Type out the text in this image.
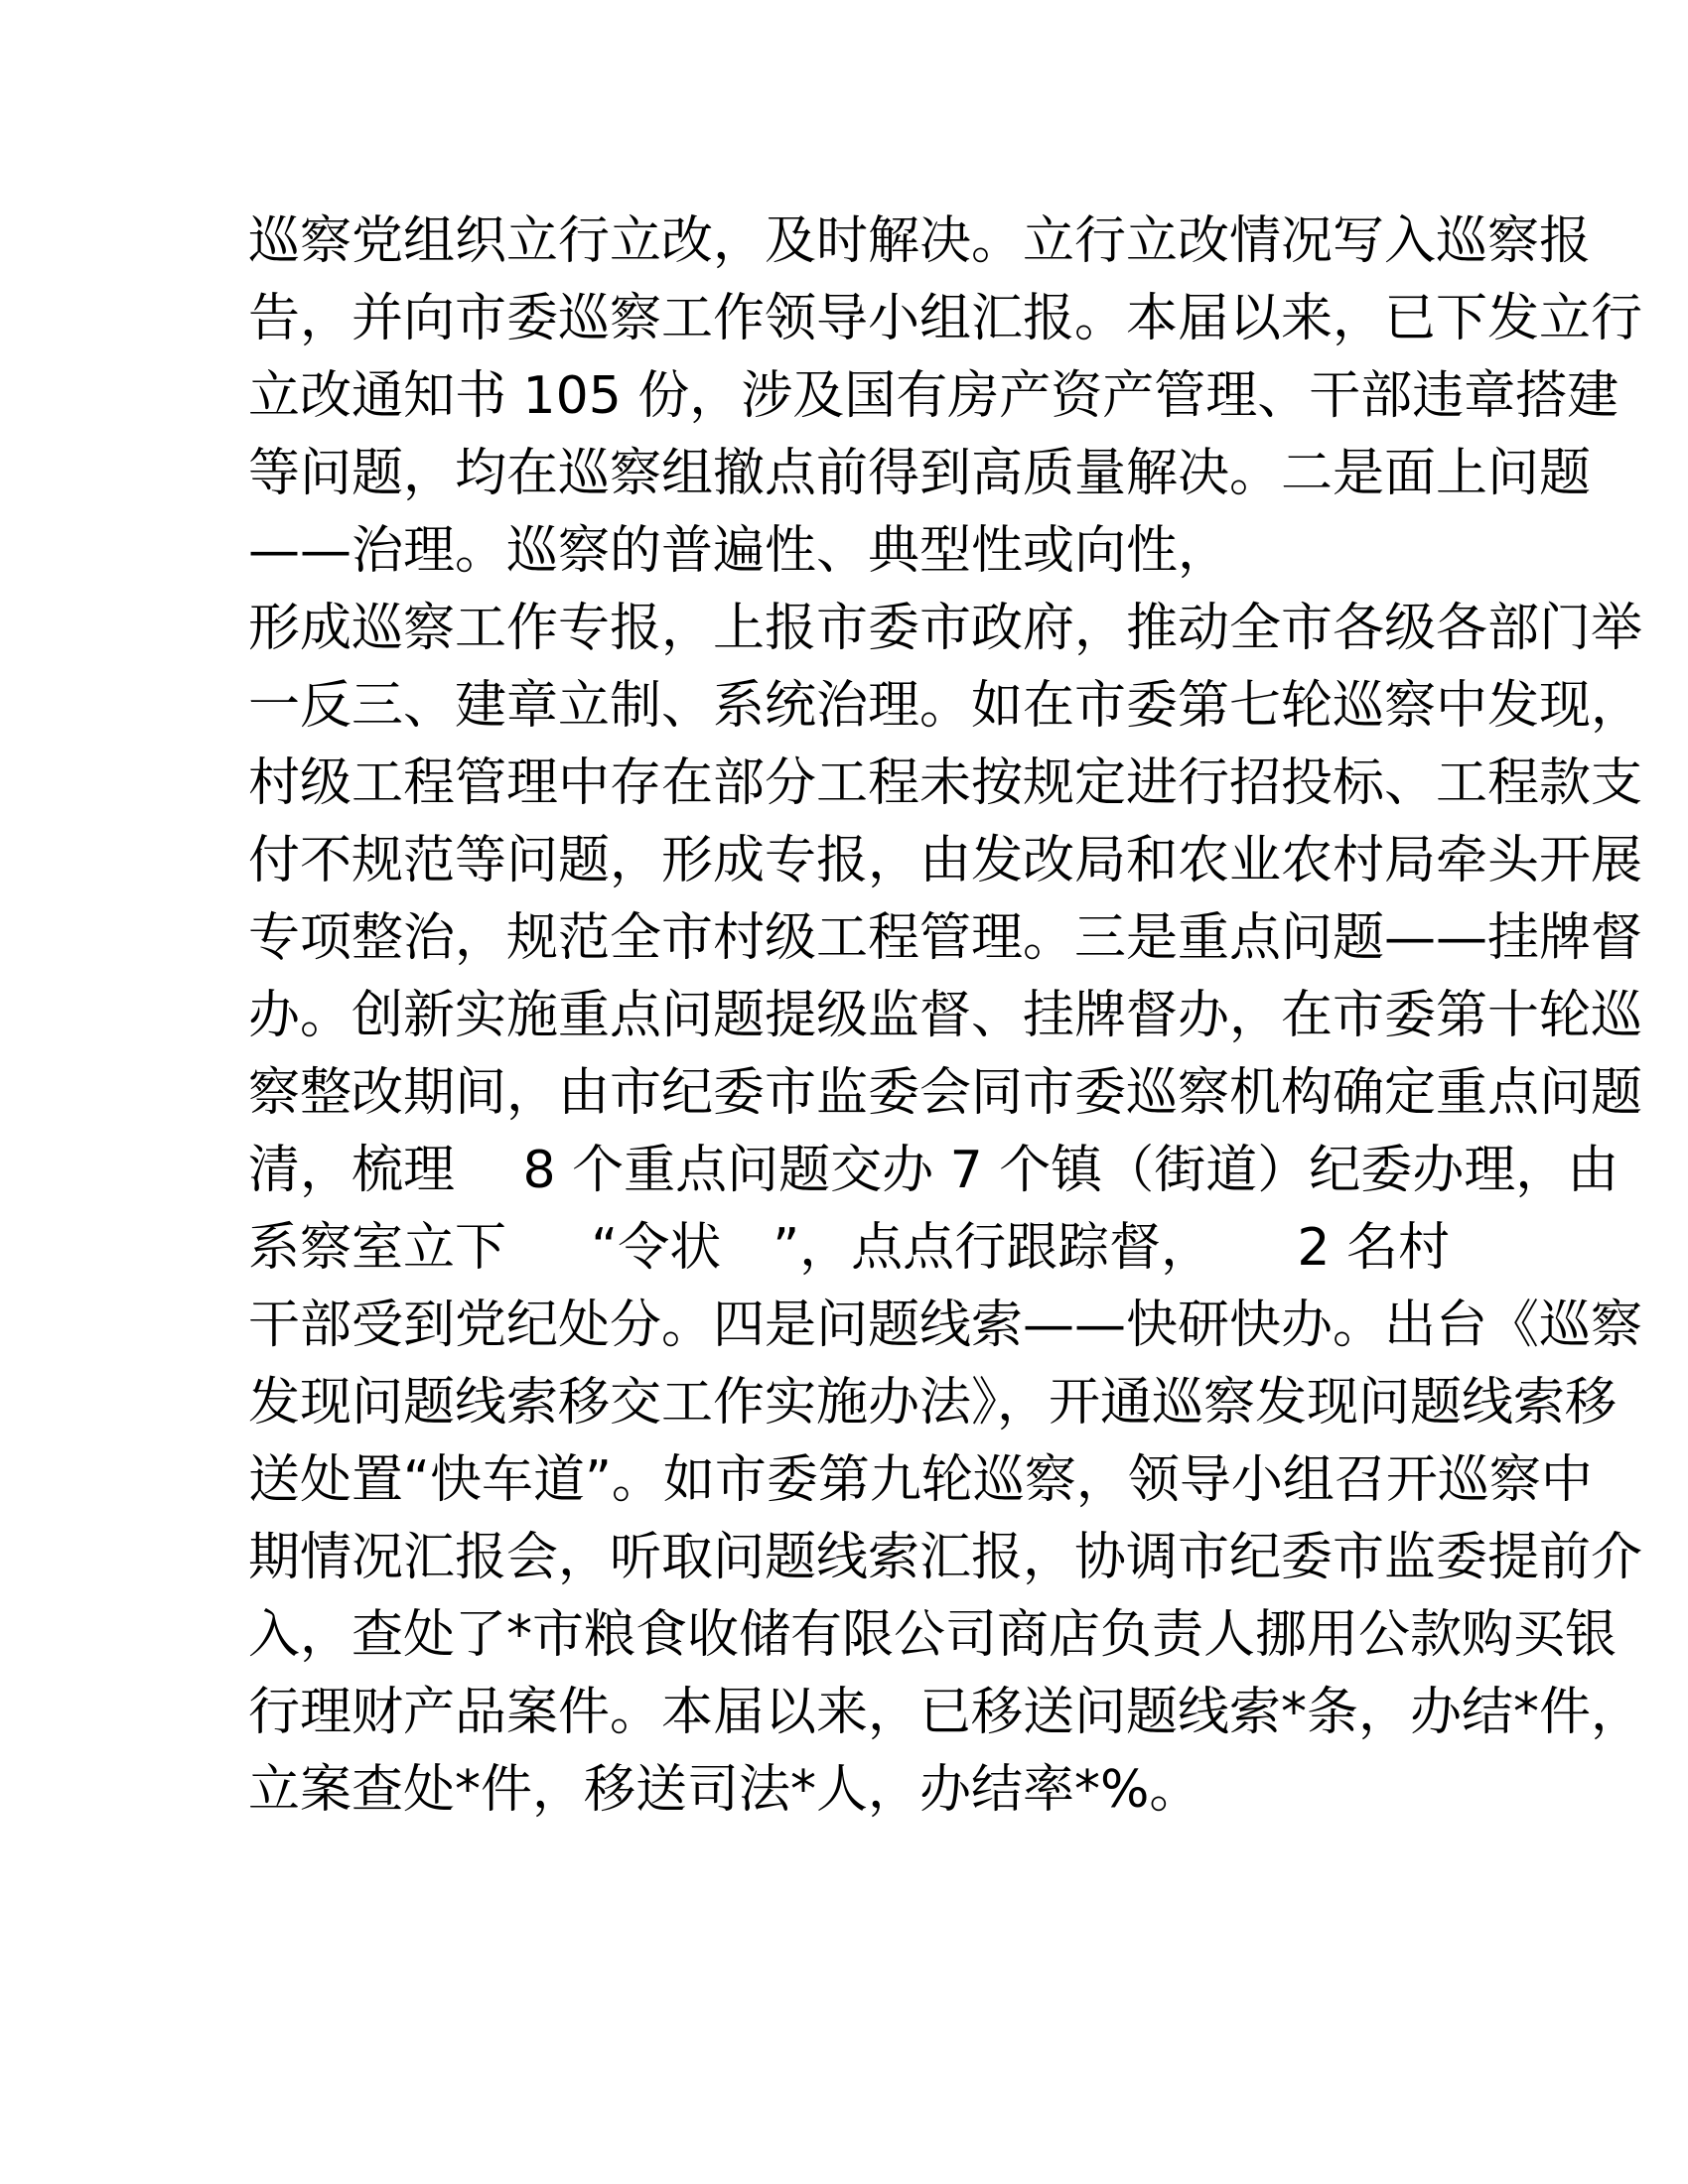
巡察党组织立行立改，及时解决。立行立改情况写入巡察报
告，并向市委巡察工作领导小组汇报。本届以来，已下发立行
立改通知书 105 份，涉及国有房产资产管理、干部违章搭建
等问题，均在巡察组撤点前得到高质量解决。二是面上问题
——治理。巡察的普遍性、典型性或向性，
形成巡察工作专报，上报市委市政府，推动全市各级各部门举
一反三、建章立制、系统治理。如在市委第七轮巡察中发现，
村级工程管理中存在部分工程未按规定进行招投标、工程款支
付不规范等问题，形成专报，由发改局和农业农村局牵头开展
专项整治，规范全市村级工程管理。三是重点问题——挂牌督
办。创新实施重点问题提级监督、挂牌督办，在市委第十轮巡
察整改期间，由市纪委市监委会同市委巡察机构确定重点问题
清，梳理　 8 个重点问题交办 7 个镇（街道）纪委办理，由
系察室立下 “令状　”，点点行跟踪督， 2 名村
干部受到党纪处分。四是问题线索——快研快办。出台《巡察
发现问题线索移交工作实施办法》，开通巡察发现问题线索移
送处置“快车道”。如市委第九轮巡察，领导小组召开巡察中
期情况汇报会，听取问题线索汇报，协调市纪委市监委提前介
入，查处了*市粮食收储有限公司商店负责人挪用公款购买银
行理财产品案件。本届以来，已移送问题线索*条，办结*件，
立案查处*件，移送司法*人，办结率*%。
